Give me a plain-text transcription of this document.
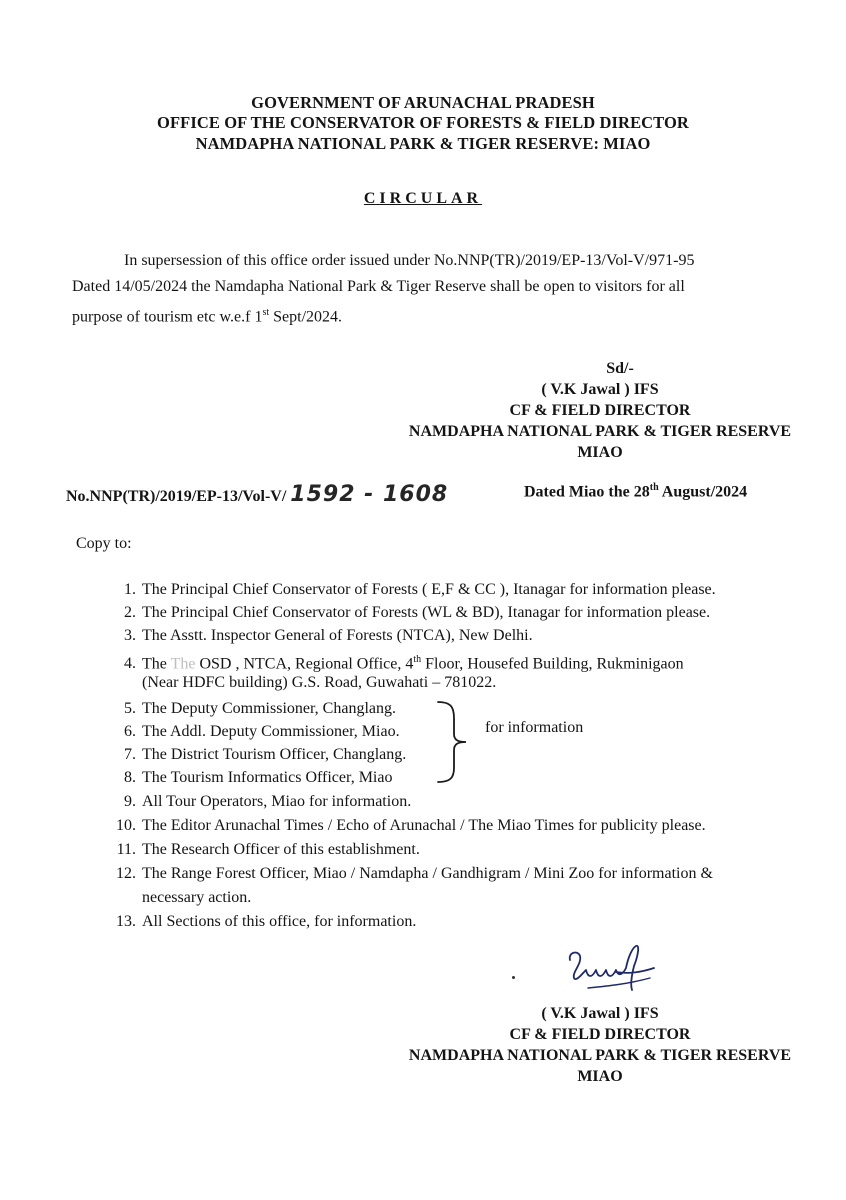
GOVERNMENT OF ARUNACHAL PRADESH
OFFICE OF THE CONSERVATOR OF FORESTS & FIELD DIRECTOR
NAMDAPHA NATIONAL PARK & TIGER RESERVE: MIAO
CIRCULAR
In supersession of this office order issued under No.NNP(TR)/2019/EP-13/Vol-V/971-95
Dated 14/05/2024 the Namdapha National Park & Tiger Reserve shall be open to visitors for all
purpose of tourism etc w.e.f 1st Sept/2024.
Sd/-
( V.K Jawal ) IFS
CF & FIELD DIRECTOR
NAMDAPHA NATIONAL PARK & TIGER RESERVE
MIAO
No.NNP(TR)/2019/EP-13/Vol-V/ 1592 - 1608	Dated Miao the 28th August/2024
Copy to:
1. The Principal Chief Conservator of Forests ( E,F & CC ), Itanagar for information please.
2. The Principal Chief Conservator of Forests (WL & BD), Itanagar for information please.
3. The Asstt. Inspector General of Forests (NTCA), New Delhi.
4. The The OSD , NTCA, Regional Office, 4th Floor, Housefed Building, Rukminigaon
(Near HDFC building) G.S. Road, Guwahati – 781022.
5. The Deputy Commissioner, Changlang.
6. The Addl. Deputy Commissioner, Miao.
7. The District Tourism Officer, Changlang.
8. The Tourism Informatics Officer, Miao
for information
9. All Tour Operators, Miao for information.
10. The Editor Arunachal Times / Echo of Arunachal / The Miao Times for publicity please.
11. The Research Officer of this establishment.
12. The Range Forest Officer, Miao / Namdapha / Gandhigram / Mini Zoo for information &
necessary action.
13. All Sections of this office, for information.
( V.K Jawal ) IFS
CF & FIELD DIRECTOR
NAMDAPHA NATIONAL PARK & TIGER RESERVE
MIAO
